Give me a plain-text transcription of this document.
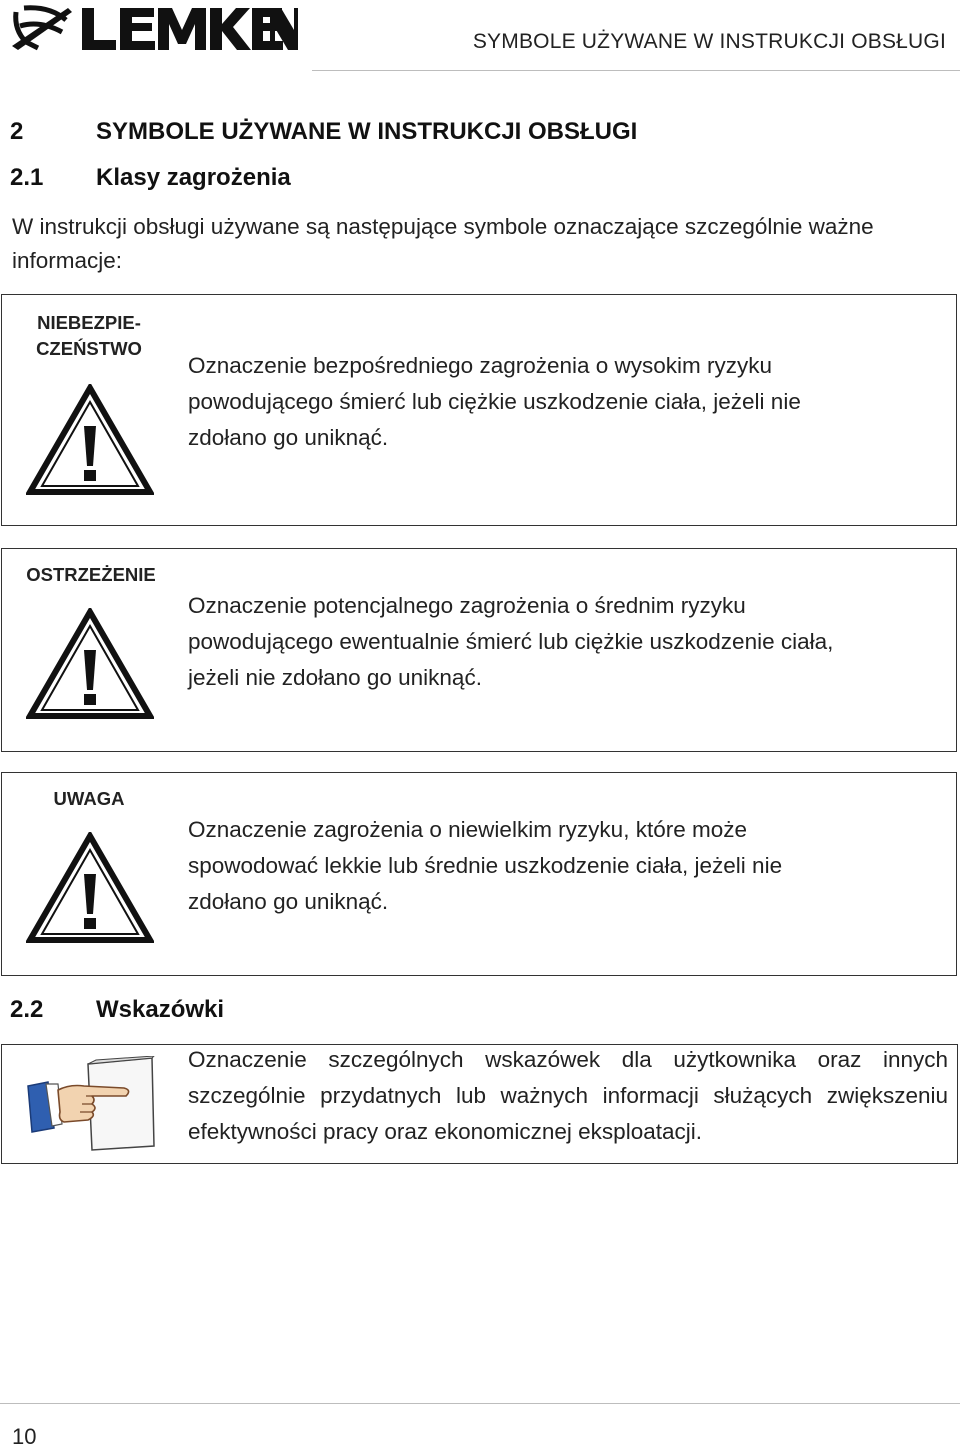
LEMKEN
SYMBOLE UŻYWANE W INSTRUKCJI OBSŁUGI
2	SYMBOLE UŻYWANE W INSTRUKCJI OBSŁUGI
2.1 Klasy zagrożenia
W instrukcji obsługi używane są następujące symbole oznaczające szczególnie ważne informacje:
NIEBEZPIE-
CZEŃSTWO
Oznaczenie bezpośredniego zagrożenia o wysokim ryzyku
powodującego śmierć lub ciężkie uszkodzenie ciała, jeżeli nie
zdołano go uniknąć.
OSTRZEŻENIE
Oznaczenie potencjalnego zagrożenia o średnim ryzyku
powodującego ewentualnie śmierć lub ciężkie uszkodzenie ciała,
jeżeli nie zdołano go uniknąć.
UWAGA
Oznaczenie zagrożenia o niewielkim ryzyku, które może
spowodować lekkie lub średnie uszkodzenie ciała, jeżeli nie
zdołano go uniknąć.
2.2 Wskazówki
Oznaczenie szczególnych wskazówek dla użytkownika oraz innych szczególnie przydatnych lub ważnych informacji służących zwiększeniu efektywności pracy oraz ekonomicznej eksploatacji.
10
